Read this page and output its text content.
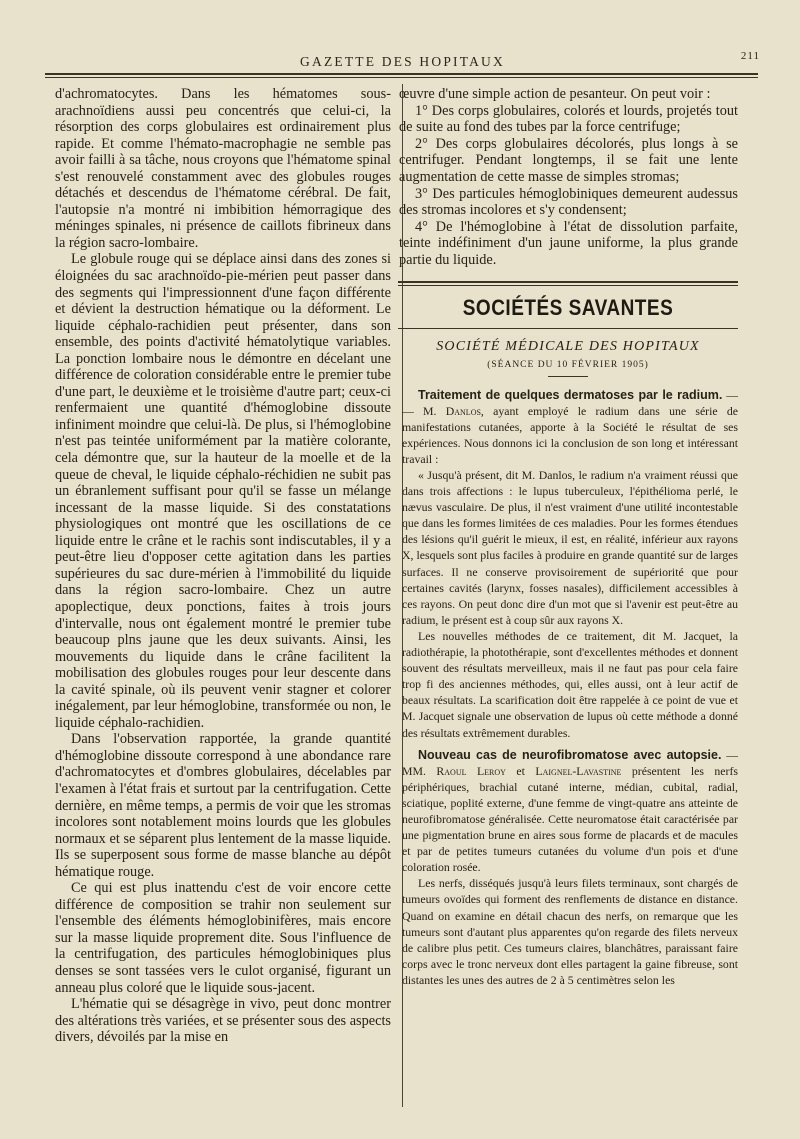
GAZETTE DES HOPITAUX	211

d'achromatocytes. Dans les hématomes sous-arachnoïdiens aussi peu concentrés que celui-ci, la résorption des corps globulaires est ordinairement plus rapide. Et comme l'hémato-macrophagie ne semble pas avoir failli à sa tâche, nous croyons que l'hématome spinal s'est renouvelé constamment avec des globules rouges détachés et descendus de l'hématome cérébral. De fait, l'autopsie n'a montré ni imbibition hémorragique des méninges spinales, ni présence de caillots fibrineux dans la région sacro-lombaire.

Le globule rouge qui se déplace ainsi dans des zones si éloignées du sac arachnoïdo-pie-mérien peut passer dans des segments qui l'impressionnent d'une façon différente et dévient la destruction hématique ou la déforment. Le liquide céphalo-rachidien peut présenter, dans son ensemble, des points d'activité hématolytique variables. La ponction lombaire nous le démontre en décelant une différence de coloration considérable entre le premier tube d'une part, le deuxième et le troisième d'autre part; ceux-ci renfermaient une quantité d'hémoglobine dissoute infiniment moindre que celui-là. De plus, si l'hémoglobine n'est pas teintée uniformément par la matière colorante, cela démontre que, sur la hauteur de la moelle et de la queue de cheval, le liquide céphalo-réchidien ne subit pas un ébranlement suffisant pour qu'il se fasse un mélange incessant de la masse liquide. Si des constatations physiologiques ont montré que les oscillations de ce liquide entre le crâne et le rachis sont indiscutables, il y a peut-être lieu d'opposer cette agitation dans les parties supérieures du sac dure-mérien à l'immobilité du liquide dans la région sacro-lombaire. Chez un autre apoplectique, deux ponctions, faites à trois jours d'intervalle, nous ont également montré le premier tube beaucoup plns jaune que les deux suivants. Ainsi, les mouvements du liquide dans le crâne facilitent la mobilisation des globules rouges pour leur descente dans la cavité spinale, où ils peuvent venir stagner et colorer inégalement, par leur hémoglobine, transformée ou non, le liquide céphalo-rachidien.

Dans l'observation rapportée, la grande quantité d'hémoglobine dissoute correspond à une abondance rare d'achromatocytes et d'ombres globulaires, décelables par l'examen à l'état frais et surtout par la centrifugation. Cette dernière, en même temps, a permis de voir que les stromas incolores sont notablement moins lourds que les globules normaux et se séparent plus lentement de la masse liquide. Ils se superposent sous forme de masse blanche au dépôt hématique rouge.

Ce qui est plus inattendu c'est de voir encore cette différence de composition se trahir non seulement sur l'ensemble des éléments hémoglobinifères, mais encore sur la masse liquide proprement dite. Sous l'influence de la centrifugation, des particules hémoglobiniques plus denses se sont tassées vers le culot organisé, figurant un anneau plus coloré que le liquide sous-jacent.

L'hématie qui se désagrège in vivo, peut donc montrer des altérations très variées, et se présenter sous des aspects divers, dévoilés par la mise en

œuvre d'une simple action de pesanteur. On peut voir :

1° Des corps globulaires, colorés et lourds, projetés tout de suite au fond des tubes par la force centrifuge;

2° Des corps globulaires décolorés, plus longs à se centrifuger. Pendant longtemps, il se fait une lente augmentation de cette masse de simples stromas;

3° Des particules hémoglobiniques demeurent audessus des stromas incolores et s'y condensent;

4° De l'hémoglobine à l'état de dissolution parfaite, teinte indéfiniment d'un jaune uniforme, la plus grande partie du liquide.

SOCIÉTÉS SAVANTES
SOCIÉTÉ MÉDICALE DES HOPITAUX
(SÉANCE DU 10 FÉVRIER 1905)

Traitement de quelques dermatoses par le radium. — — M. Danlos, ayant employé le radium dans une série de manifestations cutanées, apporte à la Société le résultat de ses expériences. Nous donnons ici la conclusion de son long et intéressant travail :

« Jusqu'à présent, dit M. Danlos, le radium n'a vraiment réussi que dans trois affections : le lupus tuberculeux, l'épithélioma perlé, le nævus vasculaire. De plus, il n'est vraiment d'une utilité incontestable que dans les formes limitées de ces maladies. Pour les formes étendues des lésions qu'il guérit le mieux, il est, en réalité, inférieur aux rayons X, lesquels sont plus faciles à produire en grande quantité sur de larges surfaces. Il ne conserve provisoirement de supériorité que pour certaines cavités (larynx, fosses nasales), difficilement accessibles à ces rayons. On peut donc dire d'un mot que si l'avenir est peut-être au radium, le présent est à coup sûr aux rayons X.

Les nouvelles méthodes de ce traitement, dit M. Jacquet, la radiothérapie, la photothérapie, sont d'excellentes méthodes et donnent souvent des résultats merveilleux, mais il ne faut pas pour cela faire trop fi des anciennes méthodes, qui, elles aussi, ont à leur actif de beaux résultats. La scarification doit être rappelée à ce point de vue et M. Jacquet signale une observation de lupus où cette méthode a donné des résultats extrêmement durables.

Nouveau cas de neurofibromatose avec autopsie. — MM. Raoul Leroy et Laignel-Lavastine présentent les nerfs périphériques, brachial cutané interne, médian, cubital, radial, sciatique, poplité externe, d'une femme de vingt-quatre ans atteinte de neurofibromatose généralisée. Cette neuromatose était caractérisée par une pigmentation brune en aires sous forme de placards et de macules et par de petites tumeurs cutanées du volume d'un pois et d'une coloration rosée.

Les nerfs, disséqués jusqu'à leurs filets terminaux, sont chargés de tumeurs ovoïdes qui forment des renflements de distance en distance. Quand on examine en détail chacun des nerfs, on remarque que les tumeurs sont d'autant plus apparentes qu'on regarde des filets nerveux de calibre plus petit. Ces tumeurs claires, blanchâtres, paraissant faire corps avec le tronc nerveux dont elles partagent la gaine fibreuse, sont distantes les unes des autres de 2 à 5 centimètres selon les
